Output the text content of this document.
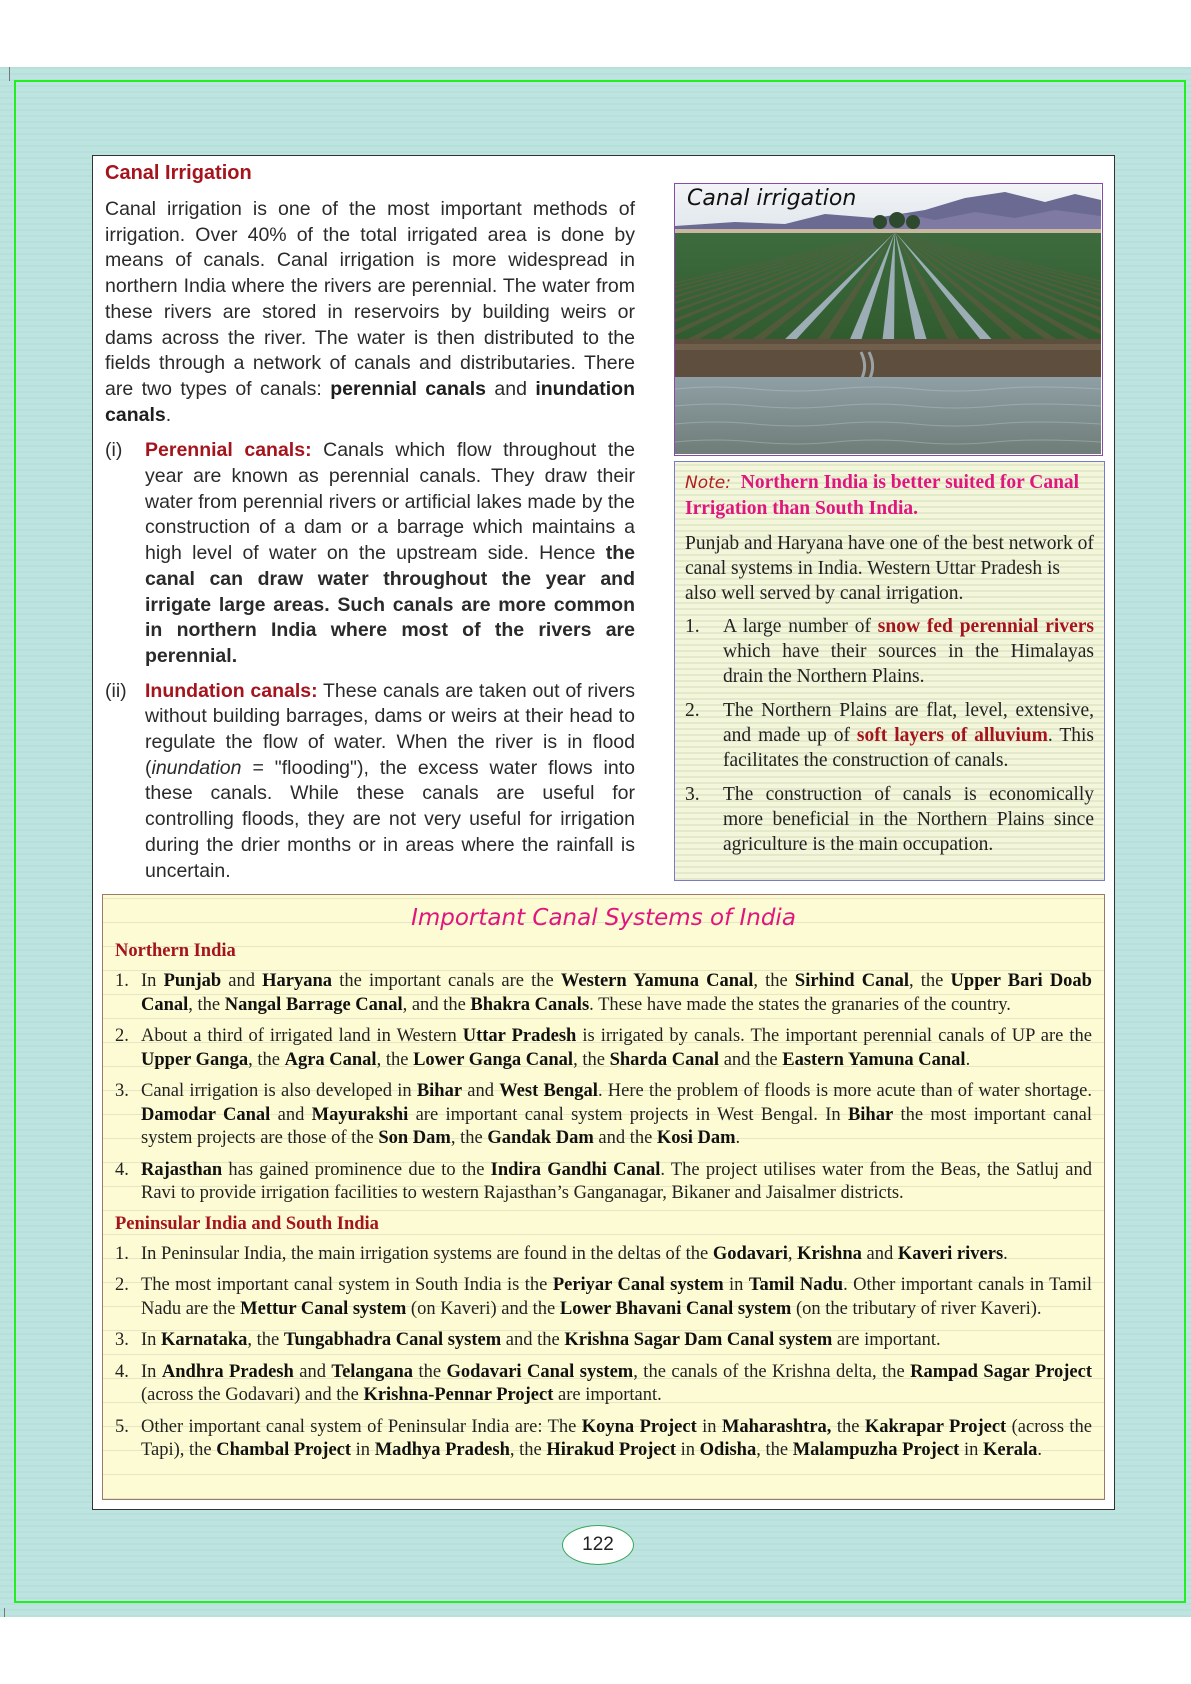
Canal Irrigation

Canal irrigation is one of the most important methods of irrigation. Over 40% of the total irrigated area is done by means of canals. Canal irrigation is more widespread in northern India where the rivers are perennial. The water from these rivers are stored in reservoirs by building weirs or dams across the river. The water is then distributed to the fields through a network of canals and distributaries. There are two types of canals: perennial canals and inundation canals.

(i)	Perennial canals: Canals which flow throughout the year are known as perennial canals. They draw their water from perennial rivers or artificial lakes made by the construction of a dam or a barrage which maintains a high level of water on the upstream side. Hence the canal can draw water throughout the year and irrigate large areas. Such canals are more common in northern India where most of the rivers are perennial.
(ii) Inundation canals: These canals are taken out of rivers without building barrages, dams or weirs at their head to regulate the flow of water. When the river is in flood (inundation = "flooding"), the excess water flows into these canals. While these canals are useful for controlling floods, they are not very useful for irrigation during the drier months or in areas where the rainfall is uncertain.
Canal irrigation

Note: Northern India is better suited for Canal Irrigation than South India.

Punjab and Haryana have one of the best network of canal systems in India. Western Uttar Pradesh is also well served by canal irrigation.

1.	A large number of snow fed perennial rivers which have their sources in the Himalayas drain the Northern Plains.
2.	The Northern Plains are flat, level, extensive, and made up of soft layers of alluvium. This facilitates the construction of canals.
3.	The construction of canals is economically more beneficial in the Northern Plains since agriculture is the main occupation.
Important Canal Systems of India
Northern India
1. In Punjab and Haryana the important canals are the Western Yamuna Canal, the Sirhind Canal, the Upper Bari Doab Canal, the Nangal Barrage Canal, and the Bhakra Canals. These have made the states the granaries of the country.
2. About a third of irrigated land in Western Uttar Pradesh is irrigated by canals. The important perennial canals of UP are the Upper Ganga, the Agra Canal, the Lower Ganga Canal, the Sharda Canal and the Eastern Yamuna Canal.
3. Canal irrigation is also developed in Bihar and West Bengal. Here the problem of floods is more acute than of water shortage. Damodar Canal and Mayurakshi are important canal system projects in West Bengal. In Bihar the most important canal system projects are those of the Son Dam, the Gandak Dam and the Kosi Dam.
4. Rajasthan has gained prominence due to the Indira Gandhi Canal. The project utilises water from the Beas, the Satluj and Ravi to provide irrigation facilities to western Rajasthan’s Ganganagar, Bikaner and Jaisalmer districts.
Peninsular India and South India
1. In Peninsular India, the main irrigation systems are found in the deltas of the Godavari, Krishna and Kaveri rivers.
2. The most important canal system in South India is the Periyar Canal system in Tamil Nadu. Other important canals in Tamil Nadu are the Mettur Canal system (on Kaveri) and the Lower Bhavani Canal system (on the tributary of river Kaveri).
3. In Karnataka, the Tungabhadra Canal system and the Krishna Sagar Dam Canal system are important.
4. In Andhra Pradesh and Telangana the Godavari Canal system, the canals of the Krishna delta, the Rampad Sagar Project (across the Godavari) and the Krishna-Pennar Project are important.
5. Other important canal system of Peninsular India are: The Koyna Project in Maharashtra, the Kakrapar Project (across the Tapi), the Chambal Project in Madhya Pradesh, the Hirakud Project in Odisha, the Malampuzha Project in Kerala.
122
